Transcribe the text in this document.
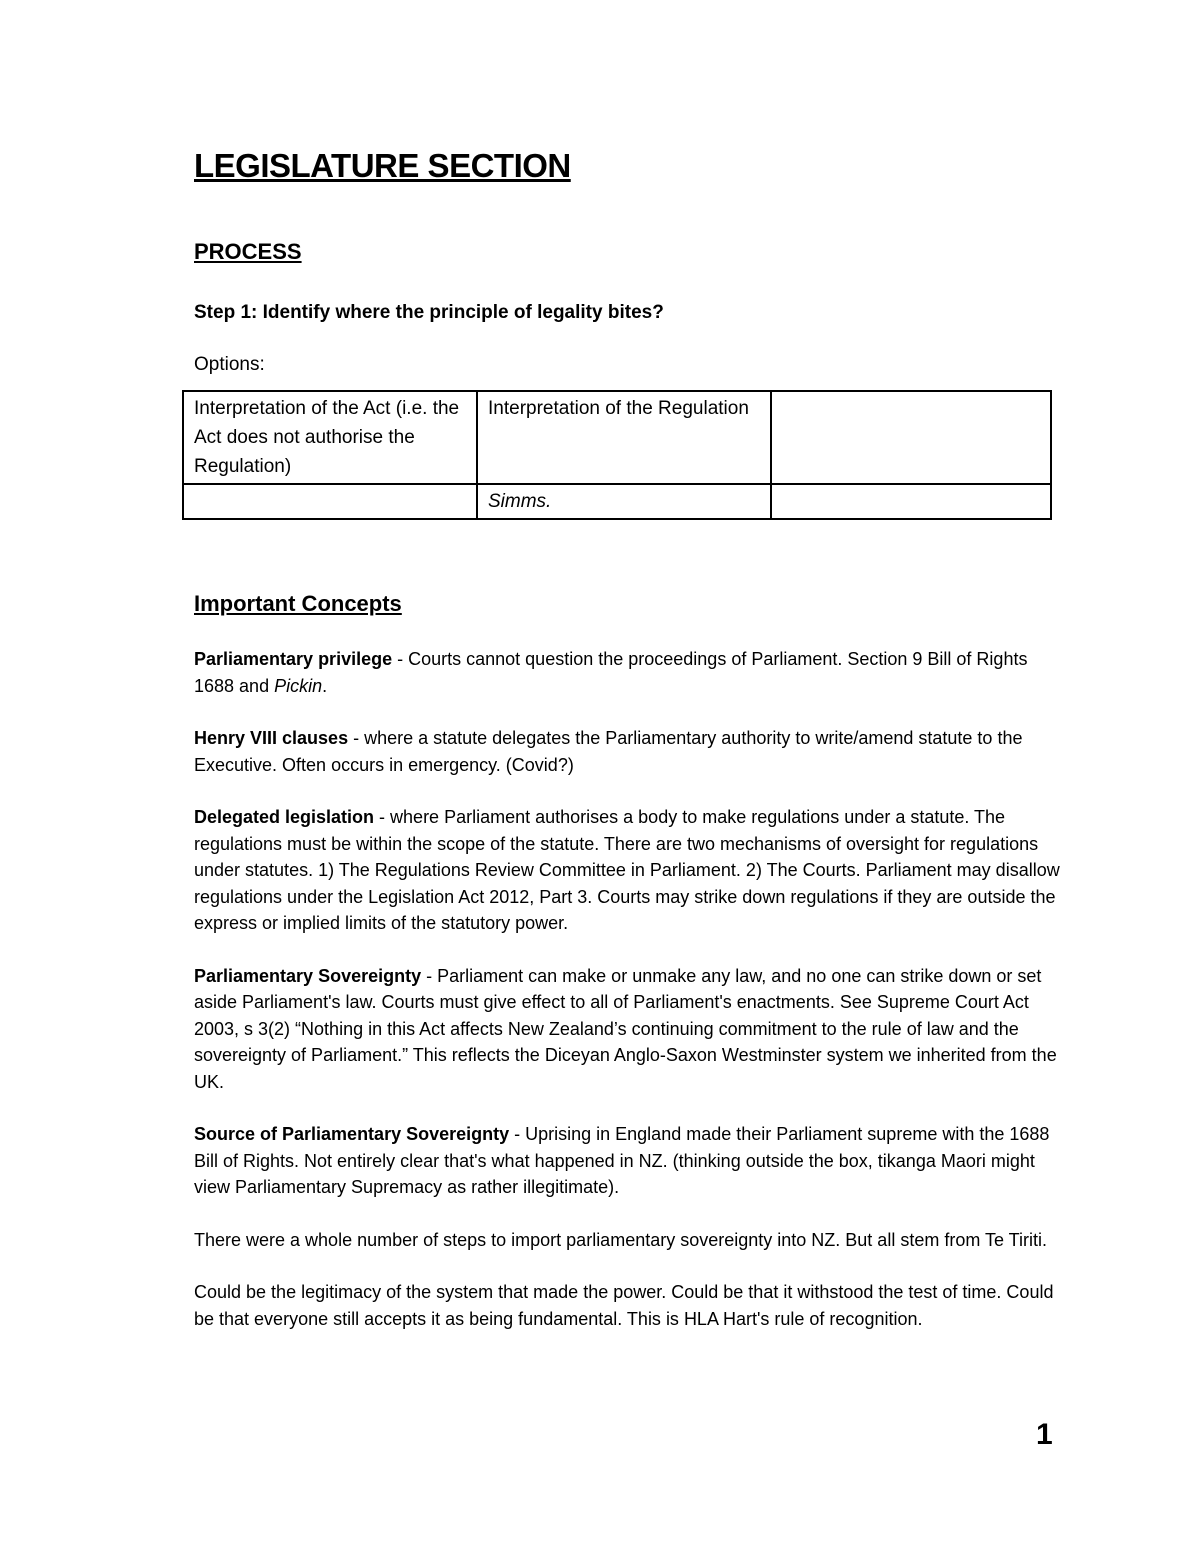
LEGISLATURE SECTION
PROCESS
Step 1: Identify where the principle of legality bites?
Options:
Interpretation of the Act (i.e. the Act does not authorise the Regulation)	Interpretation of the Regulation	
	Simms.	
Important Concepts

Parliamentary privilege - Courts cannot question the proceedings of Parliament. Section 9 Bill of Rights 1688 and Pickin.

Henry VIII clauses - where a statute delegates the Parliamentary authority to write/amend statute to the Executive. Often occurs in emergency. (Covid?)

Delegated legislation - where Parliament authorises a body to make regulations under a statute. The regulations must be within the scope of the statute. There are two mechanisms of oversight for regulations under statutes. 1) The Regulations Review Committee in Parliament. 2) The Courts. Parliament may disallow regulations under the Legislation Act 2012, Part 3. Courts may strike down regulations if they are outside the express or implied limits of the statutory power.

Parliamentary Sovereignty - Parliament can make or unmake any law, and no one can strike down or set aside Parliament's law. Courts must give effect to all of Parliament's enactments. See Supreme Court Act 2003, s 3(2) “Nothing in this Act affects New Zealand’s continuing commitment to the rule of law and the sovereignty of Parliament.” This reflects the Diceyan Anglo-Saxon Westminster system we inherited from the UK.

Source of Parliamentary Sovereignty - Uprising in England made their Parliament supreme with the 1688 Bill of Rights. Not entirely clear that's what happened in NZ. (thinking outside the box, tikanga Maori might view Parliamentary Supremacy as rather illegitimate).

There were a whole number of steps to import parliamentary sovereignty into NZ. But all stem from Te Tiriti.

Could be the legitimacy of the system that made the power. Could be that it withstood the test of time. Could be that everyone still accepts it as being fundamental. This is HLA Hart's rule of recognition.

1
